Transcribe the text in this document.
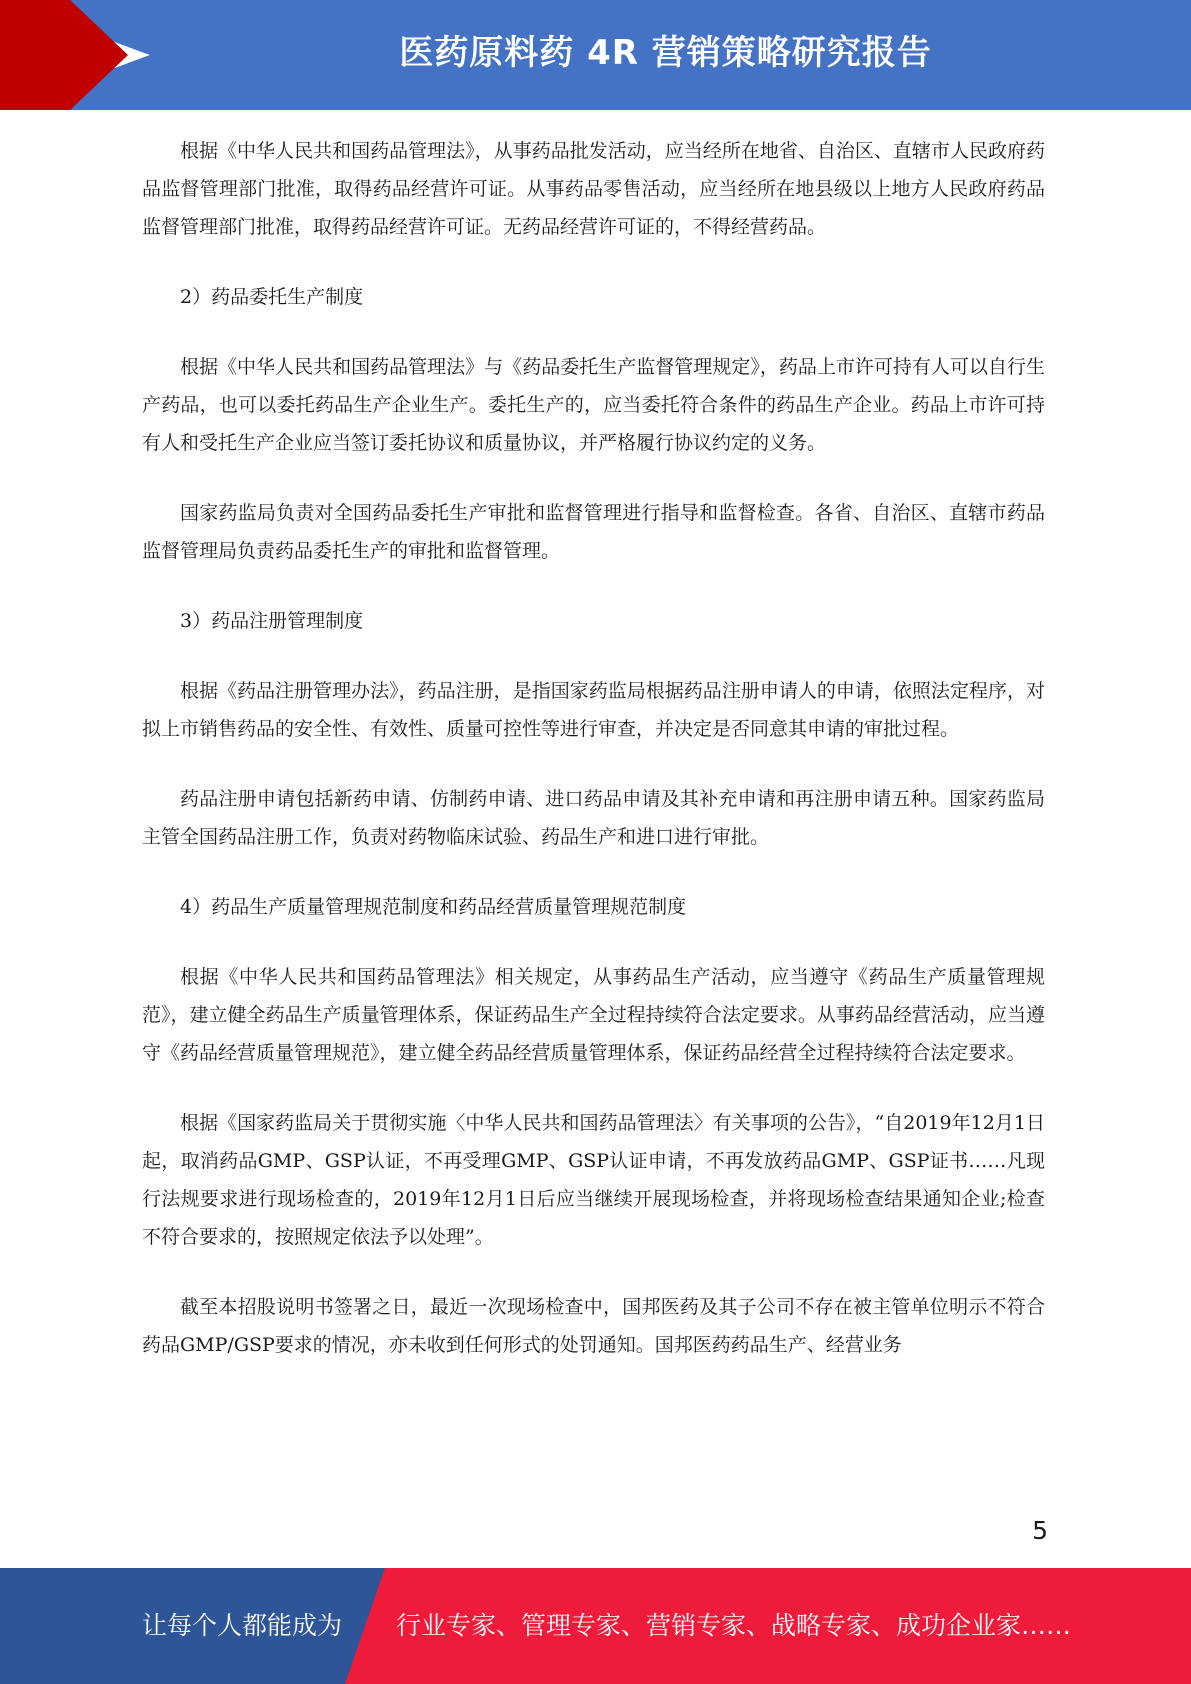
医药原料药 4R 营销策略研究报告

根据《中华人民共和国药品管理法》，从事药品批发活动，应当经所在地省、自治区、直辖市人民政府药品监督管理部门批准，取得药品经营许可证。从事药品零售活动，应当经所在地县级以上地方人民政府药品监督管理部门批准，取得药品经营许可证。无药品经营许可证的，不得经营药品。

2）药品委托生产制度

根据《中华人民共和国药品管理法》与《药品委托生产监督管理规定》，药品上市许可持有人可以自行生产药品，也可以委托药品生产企业生产。委托生产的，应当委托符合条件的药品生产企业。药品上市许可持有人和受托生产企业应当签订委托协议和质量协议，并严格履行协议约定的义务。

国家药监局负责对全国药品委托生产审批和监督管理进行指导和监督检查。各省、自治区、直辖市药品监督管理局负责药品委托生产的审批和监督管理。

3）药品注册管理制度

根据《药品注册管理办法》，药品注册，是指国家药监局根据药品注册申请人的申请，依照法定程序，对拟上市销售药品的安全性、有效性、质量可控性等进行审查，并决定是否同意其申请的审批过程。

药品注册申请包括新药申请、仿制药申请、进口药品申请及其补充申请和再注册申请五种。国家药监局主管全国药品注册工作，负责对药物临床试验、药品生产和进口进行审批。

4）药品生产质量管理规范制度和药品经营质量管理规范制度

根据《中华人民共和国药品管理法》相关规定，从事药品生产活动，应当遵守《药品生产质量管理规范》，建立健全药品生产质量管理体系，保证药品生产全过程持续符合法定要求。从事药品经营活动，应当遵守《药品经营质量管理规范》，建立健全药品经营质量管理体系，保证药品经营全过程持续符合法定要求。

根据《国家药监局关于贯彻实施〈中华人民共和国药品管理法〉有关事项的公告》，“自2019年12月1日起，取消药品GMP、GSP认证，不再受理GMP、GSP认证申请，不再发放药品GMP、GSP证书……凡现行法规要求进行现场检查的，2019年12月1日后应当继续开展现场检查，并将现场检查结果通知企业;检查不符合要求的，按照规定依法予以处理”。

截至本招股说明书签署之日，最近一次现场检查中，国邦医药及其子公司不存在被主管单位明示不符合药品GMP/GSP要求的情况，亦未收到任何形式的处罚通知。国邦医药药品生产、经营业务

5
让每个人都能成为 行业专家、管理专家、营销专家、战略专家、成功企业家……
